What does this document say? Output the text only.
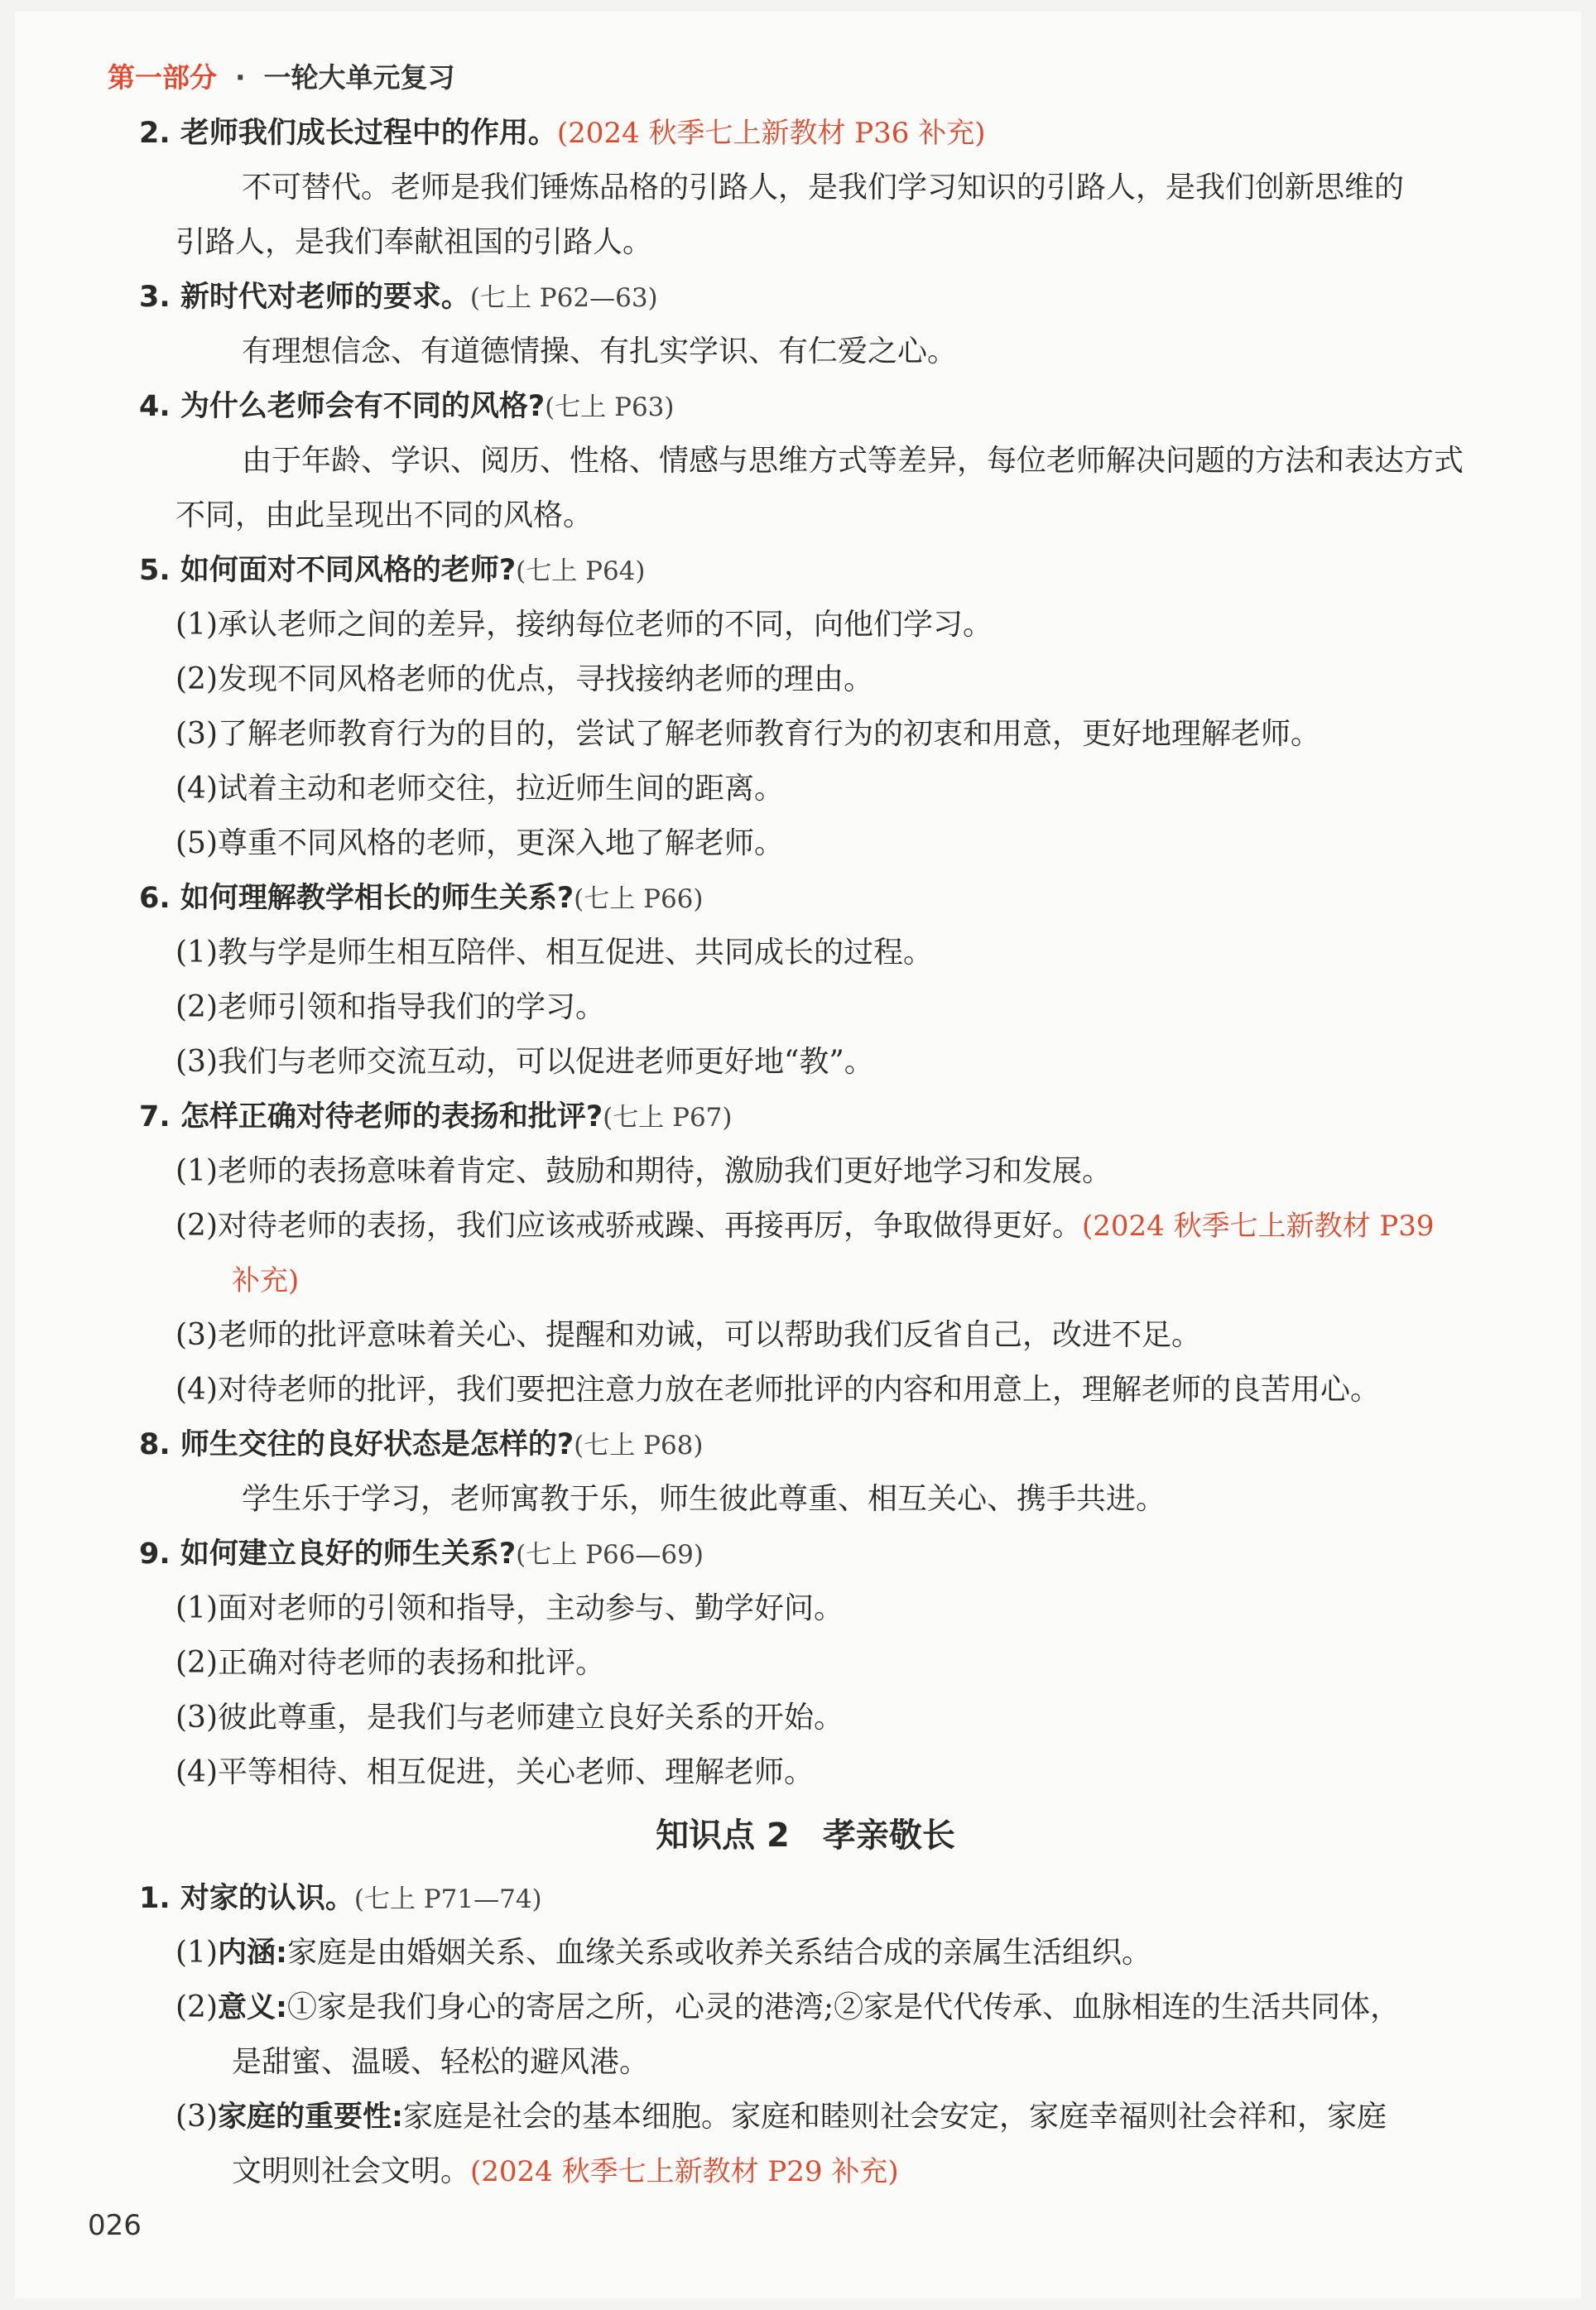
第一部分 · 一轮大单元复习
2. 老师我们成长过程中的作用。(2024 秋季七上新教材 P36 补充)
不可替代。老师是我们锤炼品格的引路人，是我们学习知识的引路人，是我们创新思维的
引路人，是我们奉献祖国的引路人。
3. 新时代对老师的要求。(七上 P62—63)
有理想信念、有道德情操、有扎实学识、有仁爱之心。
4. 为什么老师会有不同的风格?(七上 P63)
由于年龄、学识、阅历、性格、情感与思维方式等差异，每位老师解决问题的方法和表达方式
不同，由此呈现出不同的风格。
5. 如何面对不同风格的老师?(七上 P64)
(1)承认老师之间的差异，接纳每位老师的不同，向他们学习。
(2)发现不同风格老师的优点，寻找接纳老师的理由。
(3)了解老师教育行为的目的，尝试了解老师教育行为的初衷和用意，更好地理解老师。
(4)试着主动和老师交往，拉近师生间的距离。
(5)尊重不同风格的老师，更深入地了解老师。
6. 如何理解教学相长的师生关系?(七上 P66)
(1)教与学是师生相互陪伴、相互促进、共同成长的过程。
(2)老师引领和指导我们的学习。
(3)我们与老师交流互动，可以促进老师更好地“教”。
7. 怎样正确对待老师的表扬和批评?(七上 P67)
(1)老师的表扬意味着肯定、鼓励和期待，激励我们更好地学习和发展。
(2)对待老师的表扬，我们应该戒骄戒躁、再接再厉，争取做得更好。(2024 秋季七上新教材 P39
补充)
(3)老师的批评意味着关心、提醒和劝诫，可以帮助我们反省自己，改进不足。
(4)对待老师的批评，我们要把注意力放在老师批评的内容和用意上，理解老师的良苦用心。
8. 师生交往的良好状态是怎样的?(七上 P68)
学生乐于学习，老师寓教于乐，师生彼此尊重、相互关心、携手共进。
9. 如何建立良好的师生关系?(七上 P66—69)
(1)面对老师的引领和指导，主动参与、勤学好问。
(2)正确对待老师的表扬和批评。
(3)彼此尊重，是我们与老师建立良好关系的开始。
(4)平等相待、相互促进，关心老师、理解老师。
知识点 2　孝亲敬长
1. 对家的认识。(七上 P71—74)
(1)内涵:家庭是由婚姻关系、血缘关系或收养关系结合成的亲属生活组织。
(2)意义:①家是我们身心的寄居之所，心灵的港湾;②家是代代传承、血脉相连的生活共同体，
是甜蜜、温暖、轻松的避风港。
(3)家庭的重要性:家庭是社会的基本细胞。家庭和睦则社会安定，家庭幸福则社会祥和，家庭
文明则社会文明。(2024 秋季七上新教材 P29 补充)
026
